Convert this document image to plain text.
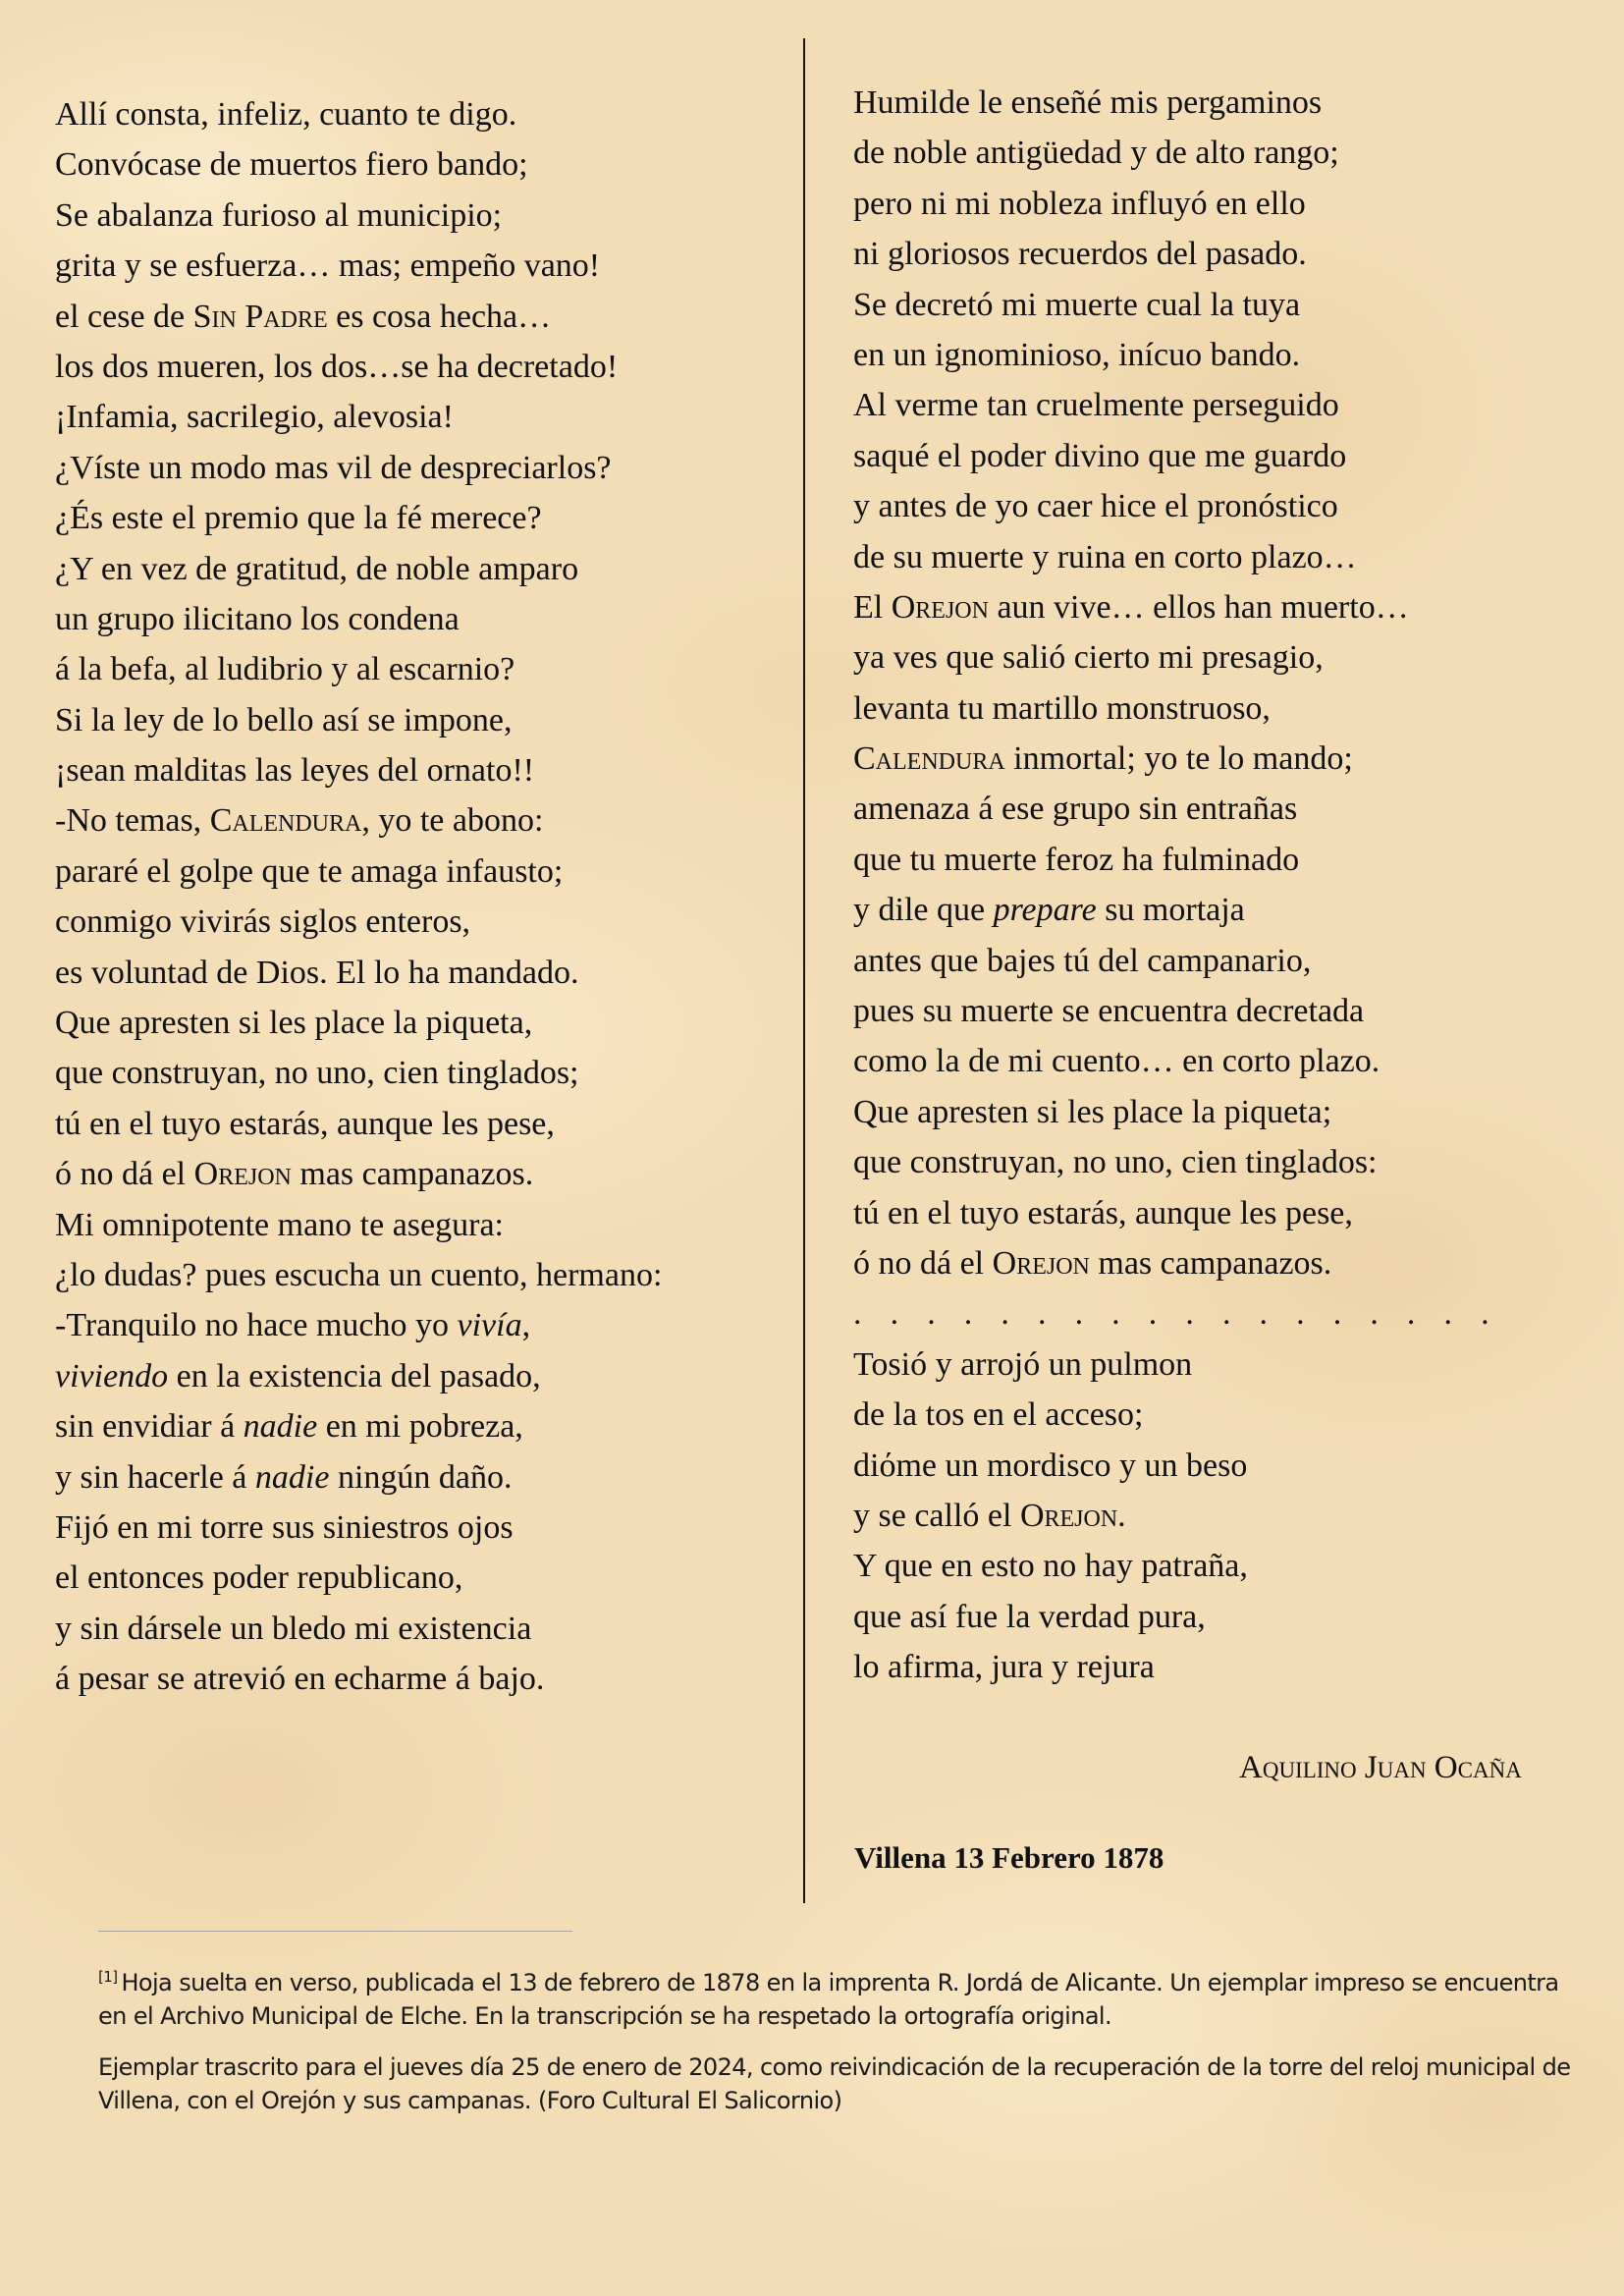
Allí consta, infeliz, cuanto te digo.
Convócase de muertos fiero bando;
Se abalanza furioso al municipio;
grita y se esfuerza… mas; empeño vano!
el cese de Sin Padre es cosa hecha…
los dos mueren, los dos…se ha decretado!
¡Infamia, sacrilegio, alevosia!
¿Víste un modo mas vil de despreciarlos?
¿És este el premio que la fé merece?
¿Y en vez de gratitud, de noble amparo
un grupo ilicitano los condena
á la befa, al ludibrio y al escarnio?
Si la ley de lo bello así se impone,
¡sean malditas las leyes del ornato!!
-No temas, Calendura, yo te abono:
pararé el golpe que te amaga infausto;
conmigo vivirás siglos enteros,
es voluntad de Dios. El lo ha mandado.
Que apresten si les place la piqueta,
que construyan, no uno, cien tinglados;
tú en el tuyo estarás, aunque les pese,
ó no dá el Orejon mas campanazos.
Mi omnipotente mano te asegura:
¿lo dudas? pues escucha un cuento, hermano:
-Tranquilo no hace mucho yo vivía,
viviendo en la existencia del pasado,
sin envidiar á nadie en mi pobreza,
y sin hacerle á nadie ningún daño.
Fijó en mi torre sus siniestros ojos
el entonces poder republicano,
y sin dársele un bledo mi existencia
á pesar se atrevió en echarme á bajo.
Humilde le enseñé mis pergaminos
de noble antigüedad y de alto rango;
pero ni mi nobleza influyó en ello
ni gloriosos recuerdos del pasado.
Se decretó mi muerte cual la tuya
en un ignominioso, inícuo bando.
Al verme tan cruelmente perseguido
saqué el poder divino que me guardo
y antes de yo caer hice el pronóstico
de su muerte y ruina en corto plazo…
El Orejon aun vive… ellos han muerto…
ya ves que salió cierto mi presagio,
levanta tu martillo monstruoso,
Calendura inmortal; yo te lo mando;
amenaza á ese grupo sin entrañas
que tu muerte feroz ha fulminado
y dile que prepare su mortaja
antes que bajes tú del campanario,
pues su muerte se encuentra decretada
como la de mi cuento… en corto plazo.
Que apresten si les place la piqueta;
que construyan, no uno, cien tinglados:
tú en el tuyo estarás, aunque les pese,
ó no dá el Orejon mas campanazos.
. . . . . . . . . . . . . . . . . .
Tosió y arrojó un pulmon
de la tos en el acceso;
diόme un mordisco y un beso
y se calló el Orejon.
Y que en esto no hay patraña,
que así fue la verdad pura,
lo afirma, jura y rejura
Aquilino Juan Ocaña
Villena 13 Febrero 1878

[1] Hoja suelta en verso, publicada el 13 de febrero de 1878 en la imprenta R. Jordá de Alicante. Un ejemplar impreso se encuentra en el Archivo Municipal de Elche. En la transcripción se ha respetado la ortografía original.

Ejemplar trascrito para el jueves día 25 de enero de 2024, como reivindicación de la recuperación de la torre del reloj municipal de Villena, con el Orejón y sus campanas. (Foro Cultural El Salicornio)
